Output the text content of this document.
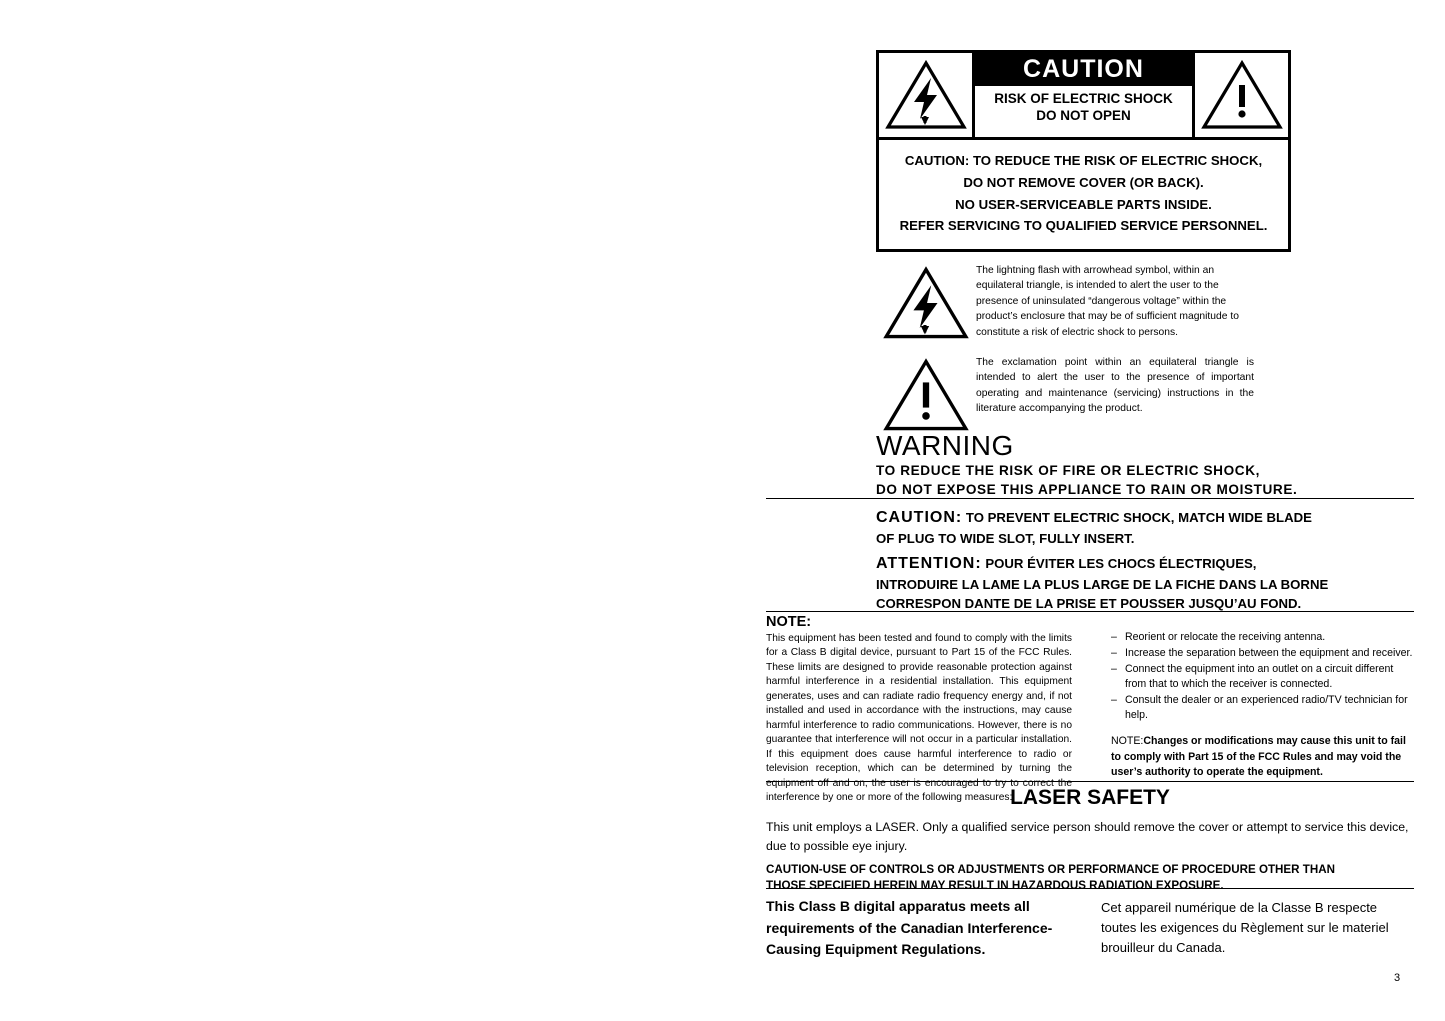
CAUTION
RISK OF ELECTRIC SHOCK
DO NOT OPEN
CAUTION: TO REDUCE THE RISK OF ELECTRIC SHOCK,
DO NOT REMOVE COVER (OR BACK).
NO USER-SERVICEABLE PARTS INSIDE.
REFER SERVICING TO QUALIFIED SERVICE PERSONNEL.
The lightning flash with arrowhead symbol, within an equilateral triangle, is intended to alert the user to the presence of uninsulated “dangerous voltage” within the product’s enclosure that may be of sufficient magnitude to constitute a risk of electric shock to persons.
The exclamation point within an equilateral triangle is intended to alert the user to the presence of important operating and maintenance (servicing) instructions in the literature accompanying the product.
WARNING
TO REDUCE THE RISK OF FIRE OR ELECTRIC SHOCK,
DO NOT EXPOSE THIS APPLIANCE TO RAIN OR MOISTURE.
CAUTION: TO PREVENT ELECTRIC SHOCK, MATCH WIDE BLADE
OF PLUG TO WIDE SLOT, FULLY INSERT.
ATTENTION: POUR ÉVITER LES CHOCS ÉLECTRIQUES,
INTRODUIRE LA LAME LA PLUS LARGE DE LA FICHE DANS LA BORNE
CORRESPON DANTE DE LA PRISE ET POUSSER JUSQU’AU FOND.
NOTE:
This equipment has been tested and found to comply with the limits for a Class B digital device, pursuant to Part 15 of the FCC Rules. These limits are designed to provide reasonable protection against harmful interference in a residential installation. This equipment generates, uses and can radiate radio frequency energy and, if not installed and used in accordance with the instructions, may cause harmful interference to radio communications. However, there is no guarantee that interference will not occur in a particular installation. If this equipment does cause harmful interference to radio or television reception, which can be determined by turning the equipment off and on, the user is encouraged to try to correct the interference by one or more of the following measures:
– Reorient or relocate the receiving antenna.
– Increase the separation between the equipment and receiver.
– Connect the equipment into an outlet on a circuit different from that to which the receiver is connected.
– Consult the dealer or an experienced radio/TV technician for help.
NOTE:Changes or modifications may cause this unit to fail to comply with Part 15 of the FCC Rules and may void the user’s authority to operate the equipment.
LASER SAFETY
This unit employs a LASER. Only a qualified service person should remove the cover or attempt to service this device, due to possible eye injury.
CAUTION-USE OF CONTROLS OR ADJUSTMENTS OR PERFORMANCE OF PROCEDURE OTHER THAN
THOSE SPECIFIED HEREIN MAY RESULT IN HAZARDOUS RADIATION EXPOSURE.
This Class B digital apparatus meets all requirements of the Canadian Interference-Causing Equipment Regulations.
Cet appareil numérique de la Classe B respecte toutes les exigences du Règlement sur le materiel brouilleur du Canada.
3
